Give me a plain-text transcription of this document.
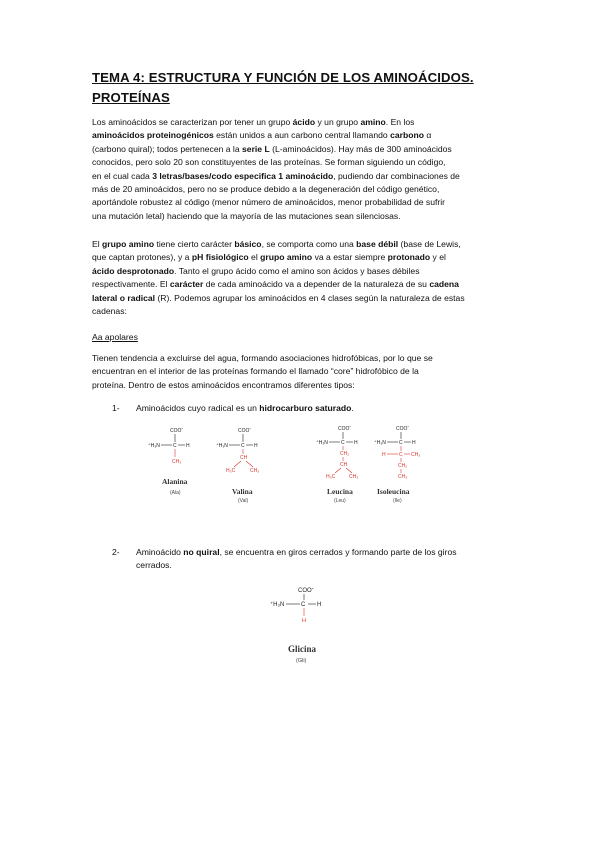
TEMA 4: ESTRUCTURA Y FUNCIÓN DE LOS AMINOÁCIDOS. PROTEÍNAS
Los aminoácidos se caracterizan por tener un grupo ácido y un grupo amino. En los
aminoácidos proteinogénicos están unidos a aun carbono central llamando carbono α
(carbono quiral); todos pertenecen a la serie L (L-aminoácidos). Hay más de 300 aminoácidos
conocidos, pero solo 20 son constituyentes de las proteínas. Se forman siguiendo un código,
en el cual cada 3 letras/bases/codo especifica 1 aminoácido, pudiendo dar combinaciones de
más de 20 aminoácidos, pero no se produce debido a la degeneración del código genético,
aportándole robustez al código (menor número de aminoácidos, menor probabilidad de sufrir
una mutación letal) haciendo que la mayoría de las mutaciones sean silenciosas.
El grupo amino tiene cierto carácter básico, se comporta como una base débil (base de Lewis,
que captan protones), y a pH fisiológico el grupo amino va a estar siempre protonado y el
ácido desprotonado. Tanto el grupo ácido como el amino son ácidos y bases débiles
respectivamente. El carácter de cada aminoácido va a depender de la naturaleza de su cadena
lateral o radical (R). Podemos agrupar los aminoácidos en 4 clases según la naturaleza de estas
cadenas:
Aa apolares
Tienen tendencia a excluirse del agua, formando asociaciones hidrofóbicas, por lo que se
encuentran en el interior de las proteínas formando el llamado “core” hidrofóbico de la
proteína. Dentro de estos aminoácidos encontramos diferentes tipos:
1- Aminoácidos cuyo radical es un hidrocarburo saturado.
COO-
⁺H₃N	C H
CH₃
Alanina
(Ala)
COO-
⁺H₃N	C H
CH
H₃C	CH₃
Valina
(Val)
COO-
⁺H₃N	C H
CH₂
CH
H₃C	CH₃
Leucina
(Leu)
COO-
⁺H₃N	C H
H	C CH₃
CH₂
CH₃
Isoleucina
(Ile)
2- Aminoácido no quiral, se encuentra en giros cerrados y formando parte de los giros
cerrados.
COO-
⁺H₃N	C H
H
Glicina
(Gli)
